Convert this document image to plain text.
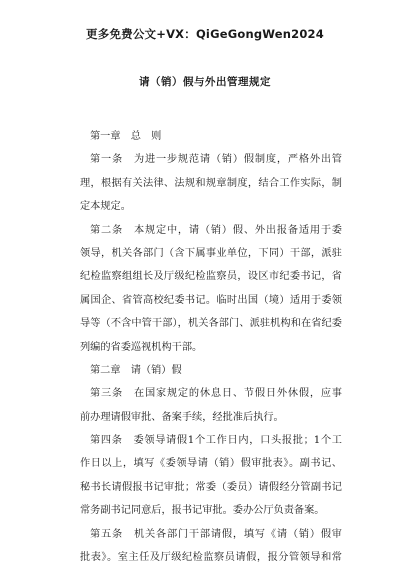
更多免费公文+VX：QiGeGongWen2024
请（销）假与外出管理规定
第一章　总　则
第一条　为进一步规范请（销）假制度，严格外出管
理，根据有关法律、法规和规章制度，结合工作实际，制
定本规定。
第二条　本规定中，请（销）假、外出报备适用于委
领导，机关各部门（含下属事业单位，下同）干部，派驻
纪检监察组组长及厅级纪检监察员，设区市纪委书记，省
属国企、省管高校纪委书记。临时出国（境）适用于委领
导等（不含中管干部），机关各部门、派驻机构和在省纪委
列编的省委巡视机构干部。
第二章　请（销）假
第三条　在国家规定的休息日、节假日外休假，应事
前办理请假审批、备案手续，经批准后执行。
第四条　委领导请假1个工作日内，口头报批；1个工
作日以上，填写《委领导请（销）假审批表》。副书记、
秘书长请假报书记审批；常委（委员）请假经分管副书记
常务副书记同意后，报书记审批。委办公厅负责备案。
第五条　机关各部门干部请假，填写《请（销）假审
批表》。室主任及厅级纪检监察员请假，报分管领导和常
